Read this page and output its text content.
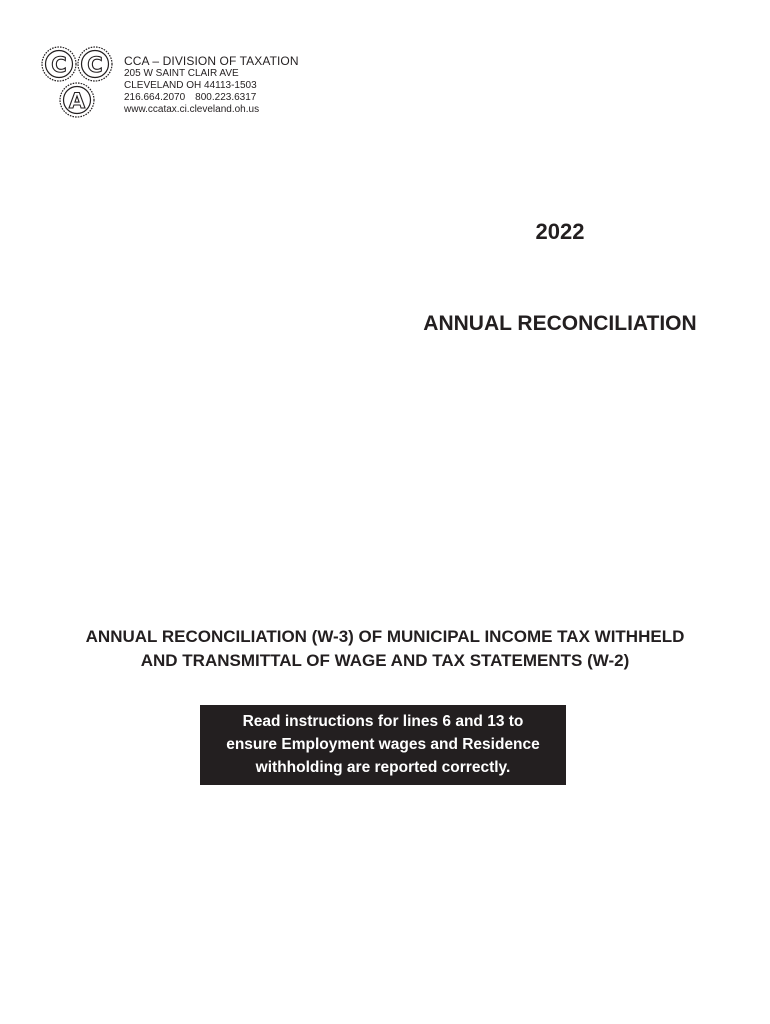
C C
A
CCA – DIVISION OF TAXATION
205 W SAINT CLAIR AVE
CLEVELAND OH 44113-1503
216.664.2070 800.223.6317
www.ccatax.ci.cleveland.oh.us
2022
ANNUAL RECONCILIATION
ANNUAL RECONCILIATION (W-3) OF MUNICIPAL INCOME TAX WITHHELD
AND TRANSMITTAL OF WAGE AND TAX STATEMENTS (W-2)
Read instructions for lines 6 and 13 to
ensure Employment wages and Residence
withholding are reported correctly.
